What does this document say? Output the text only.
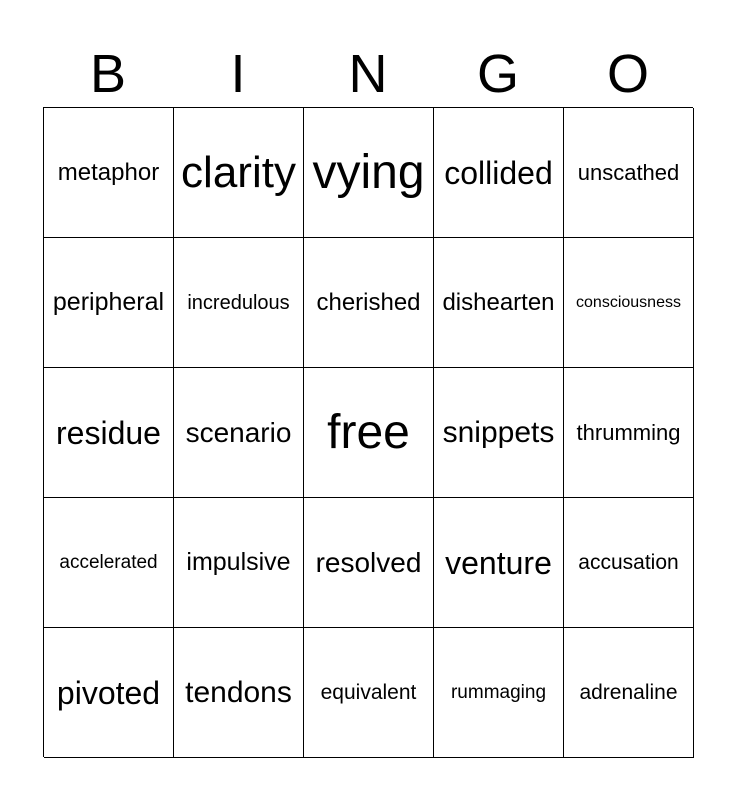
B	I	N	G	O
metaphor clarity vying collided unscathed
peripheral incredulous cherished dishearten consciousness
residue scenario free snippets thrumming
accelerated impulsive resolved venture accusation
pivoted tendons equivalent rummaging adrenaline
